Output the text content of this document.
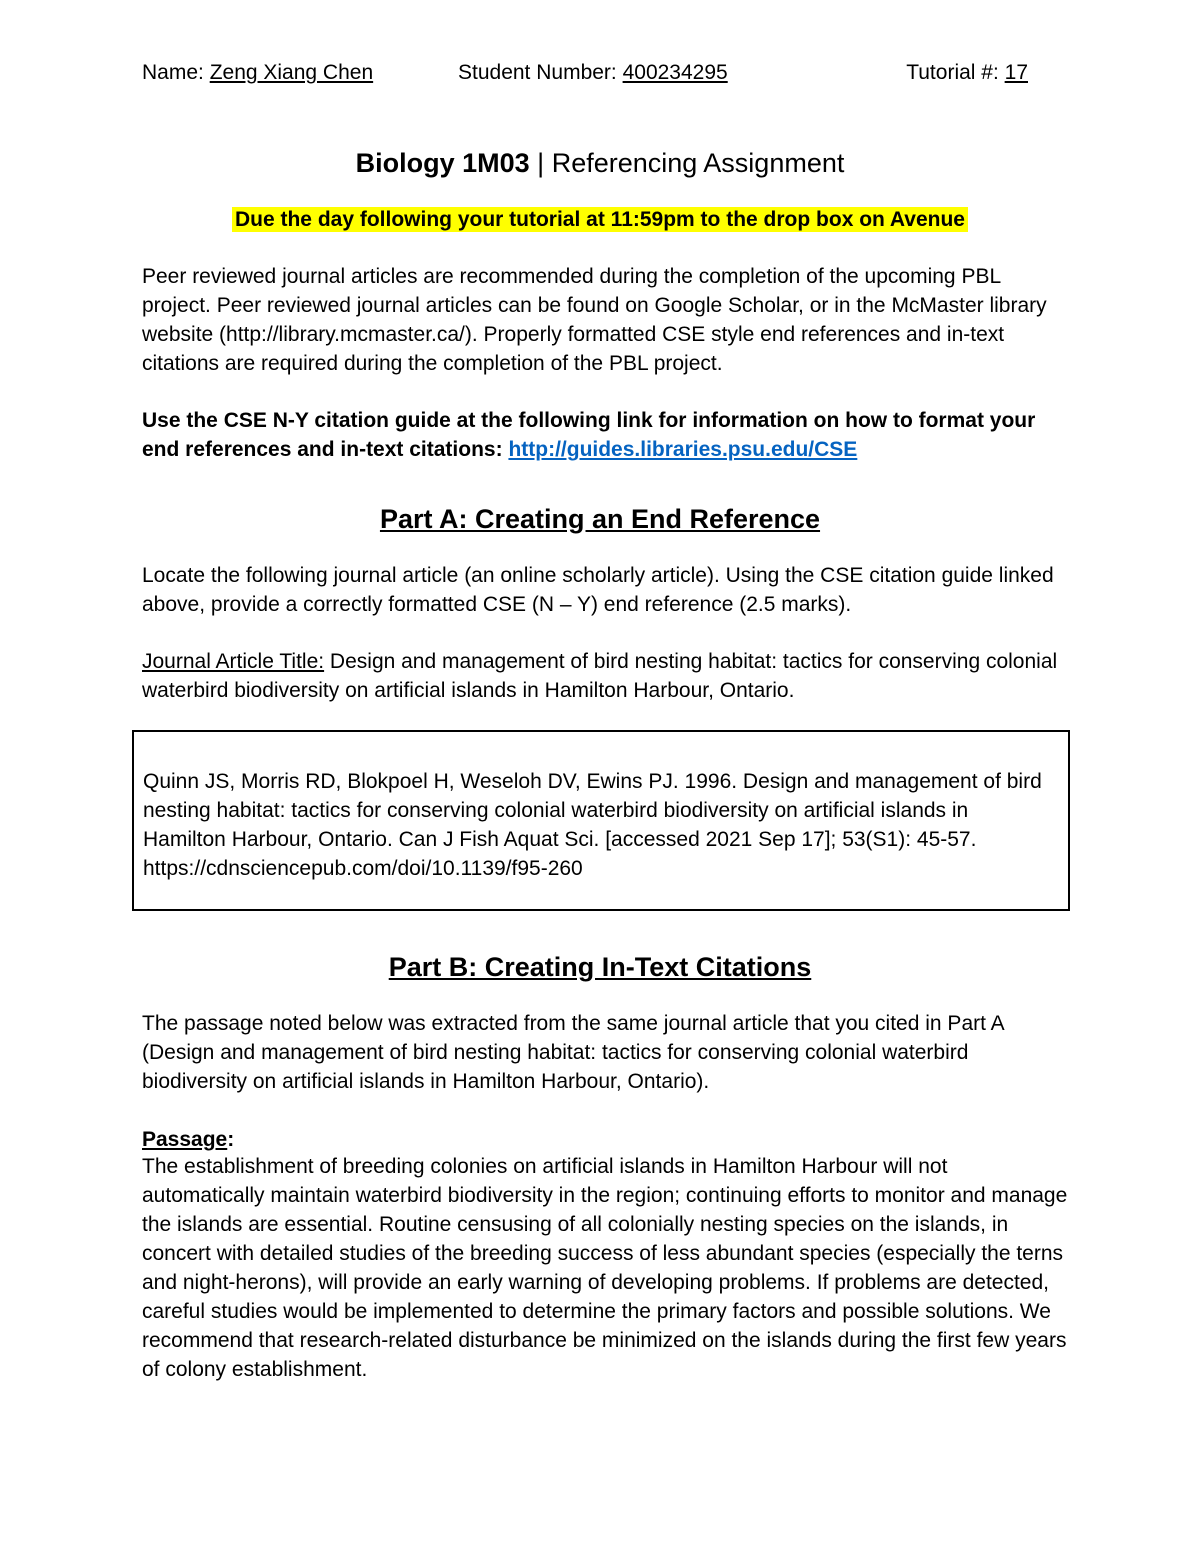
Name: Zeng Xiang Chen	Student Number: 400234295	Tutorial #: 17
Biology 1M03 | Referencing Assignment
Due the day following your tutorial at 11:59pm to the drop box on Avenue
Peer reviewed journal articles are recommended during the completion of the upcoming PBL project. Peer reviewed journal articles can be found on Google Scholar, or in the McMaster library website (http://library.mcmaster.ca/). Properly formatted CSE style end references and in-text citations are required during the completion of the PBL project.
Use the CSE N-Y citation guide at the following link for information on how to format your end references and in-text citations: http://guides.libraries.psu.edu/CSE
Part A: Creating an End Reference
Locate the following journal article (an online scholarly article). Using the CSE citation guide linked above, provide a correctly formatted CSE (N – Y) end reference (2.5 marks).
Journal Article Title: Design and management of bird nesting habitat: tactics for conserving colonial waterbird biodiversity on artificial islands in Hamilton Harbour, Ontario.
Quinn JS, Morris RD, Blokpoel H, Weseloh DV, Ewins PJ. 1996. Design and management of bird nesting habitat: tactics for conserving colonial waterbird biodiversity on artificial islands in Hamilton Harbour, Ontario. Can J Fish Aquat Sci. [accessed 2021 Sep 17]; 53(S1): 45-57. https://cdnsciencepub.com/doi/10.1139/f95-260
Part B: Creating In-Text Citations
The passage noted below was extracted from the same journal article that you cited in Part A (Design and management of bird nesting habitat: tactics for conserving colonial waterbird biodiversity on artificial islands in Hamilton Harbour, Ontario).
Passage:
The establishment of breeding colonies on artificial islands in Hamilton Harbour will not automatically maintain waterbird biodiversity in the region; continuing efforts to monitor and manage the islands are essential. Routine censusing of all colonially nesting species on the islands, in concert with detailed studies of the breeding success of less abundant species (especially the terns and night-herons), will provide an early warning of developing problems. If problems are detected, careful studies would be implemented to determine the primary factors and possible solutions. We recommend that research-related disturbance be minimized on the islands during the first few years of colony establishment.
